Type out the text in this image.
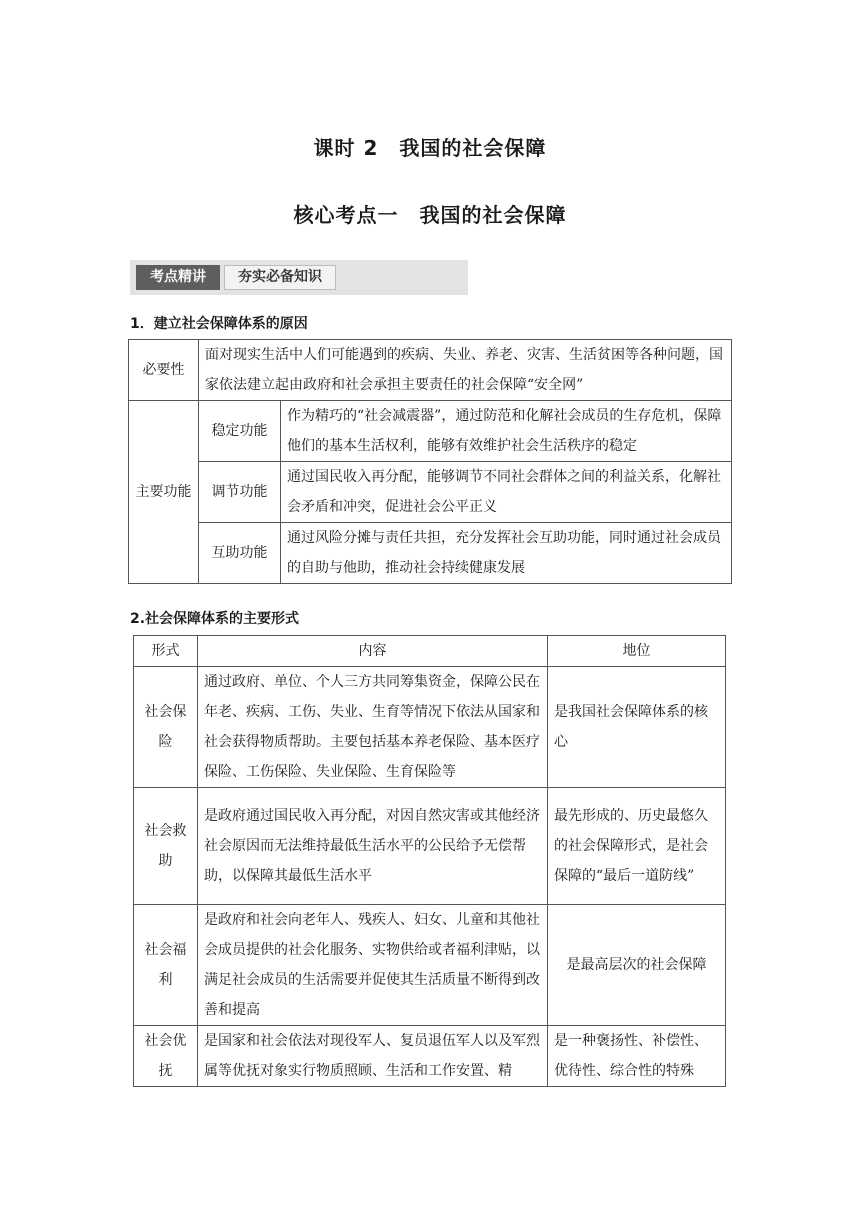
课时 2　我国的社会保障
核心考点一　我国的社会保障
考点精讲	夯实必备知识
1．建立社会保障体系的原因
必要性	面对现实生活中人们可能遇到的疾病、失业、养老、灾害、生活贫困等各种问题，国家依法建立起由政府和社会承担主要责任的社会保障“安全网”	
主要功能	稳定功能	作为精巧的“社会减震器”，通过防范和化解社会成员的生存危机，保障他们的基本生活权利，能够有效维护社会生活秩序的稳定
	调节功能	通过国民收入再分配，能够调节不同社会群体之间的利益关系，化解社会矛盾和冲突，促进社会公平正义
	互助功能	通过风险分摊与责任共担，充分发挥社会互助功能，同时通过社会成员的自助与他助，推动社会持续健康发展
2.社会保障体系的主要形式
形式	内容	地位
社会保险	通过政府、单位、个人三方共同筹集资金，保障公民在年老、疾病、工伤、失业、生育等情况下依法从国家和社会获得物质帮助。主要包括基本养老保险、基本医疗保险、工伤保险、失业保险、生育保险等	是我国社会保障体系的核心
社会救助	是政府通过国民收入再分配，对因自然灾害或其他经济社会原因而无法维持最低生活水平的公民给予无偿帮助，以保障其最低生活水平	最先形成的、历史最悠久的社会保障形式，是社会保障的“最后一道防线”
社会福利	是政府和社会向老年人、残疾人、妇女、儿童和其他社会成员提供的社会化服务、实物供给或者福利津贴，以满足社会成员的生活需要并促使其生活质量不断得到改善和提高	是最高层次的社会保障
社会优抚	是国家和社会依法对现役军人、复员退伍军人以及军烈属等优抚对象实行物质照顾、生活和工作安置、精	是一种褒扬性、补偿性、优待性、综合性的特殊
